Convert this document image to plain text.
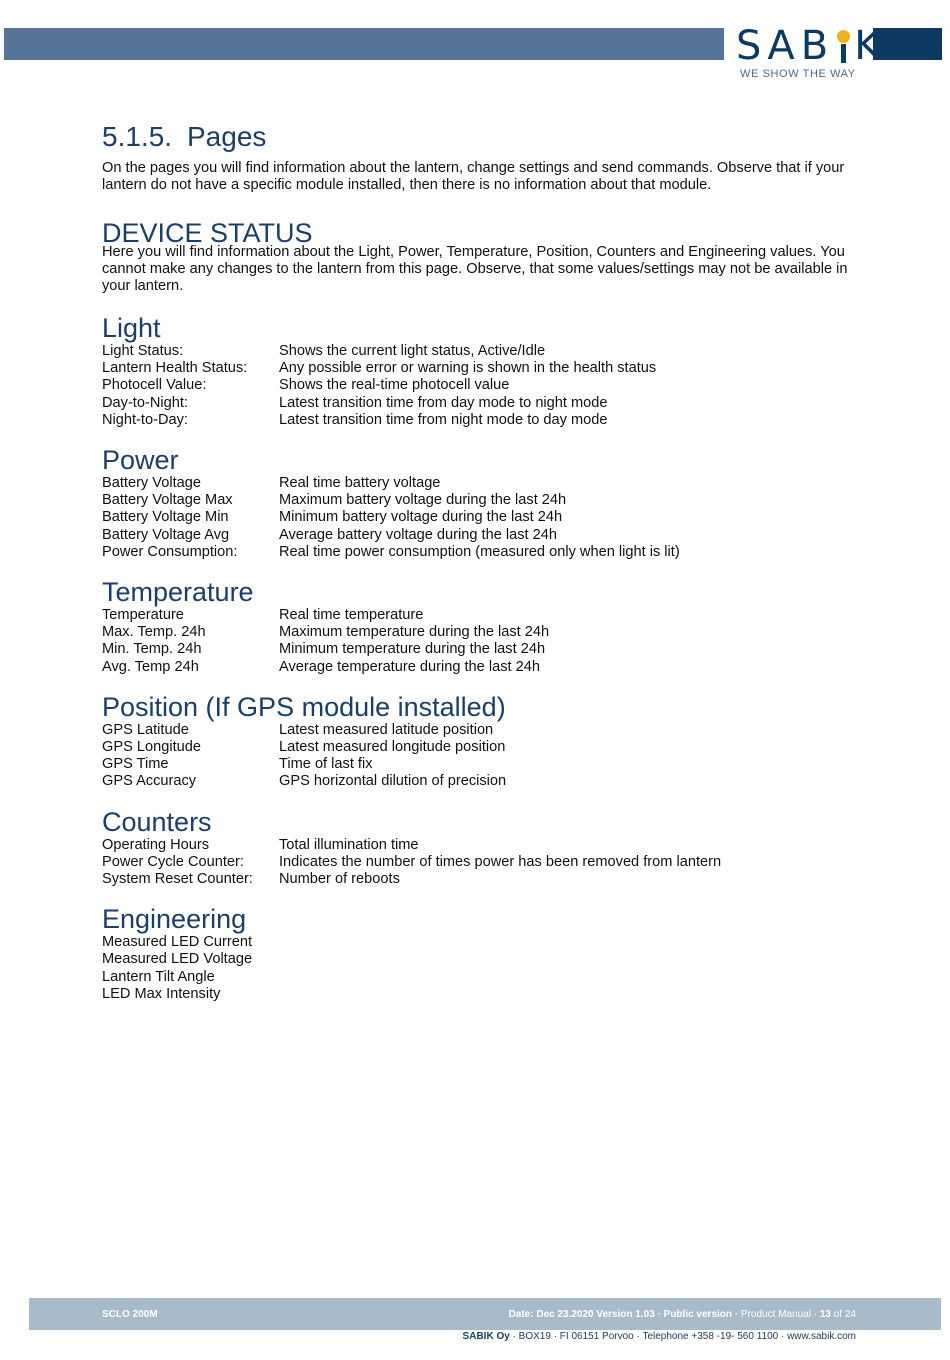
S A B K
WE SHOW THE WAY
5.1.5. Pages

On the pages you will find information about the lantern, change settings and send commands. Observe that if your lantern do not have a specific module installed, then there is no information about that module.

DEVICE STATUS

Here you will find information about the Light, Power, Temperature, Position, Counters and Engineering values. You cannot make any changes to the lantern from this page. Observe, that some values/settings may not be available in your lantern.

Light
Light Status:	Shows the current light status, Active/Idle
Lantern Health Status:	Any possible error or warning is shown in the health status
Photocell Value:	Shows the real-time photocell value
Day-to-Night:	Latest transition time from day mode to night mode
Night-to-Day:	Latest transition time from night mode to day mode
Power
Battery Voltage	Real time battery voltage
Battery Voltage Max	Maximum battery voltage during the last 24h
Battery Voltage Min	Minimum battery voltage during the last 24h
Battery Voltage Avg	Average battery voltage during the last 24h
Power Consumption:	Real time power consumption (measured only when light is lit)
Temperature
Temperature	Real time temperature
Max. Temp. 24h	Maximum temperature during the last 24h
Min. Temp. 24h	Minimum temperature during the last 24h
Avg. Temp 24h	Average temperature during the last 24h
Position (If GPS module installed)
GPS Latitude	Latest measured latitude position
GPS Longitude	Latest measured longitude position
GPS Time	Time of last fix
GPS Accuracy	GPS horizontal dilution of precision
Counters
Operating Hours	Total illumination time
Power Cycle Counter:	Indicates the number of times power has been removed from lantern
System Reset Counter:	Number of reboots
Engineering
Measured LED Current
Measured LED Voltage
Lantern Tilt Angle
LED Max Intensity
SCLO 200M	Date: Dec 23.2020 Version 1.03 · Public version · Product Manual · 13 of 24
SABIK Oy · BOX19 · FI 06151 Porvoo · Telephone +358 -19- 560 1100 · www.sabik.com
